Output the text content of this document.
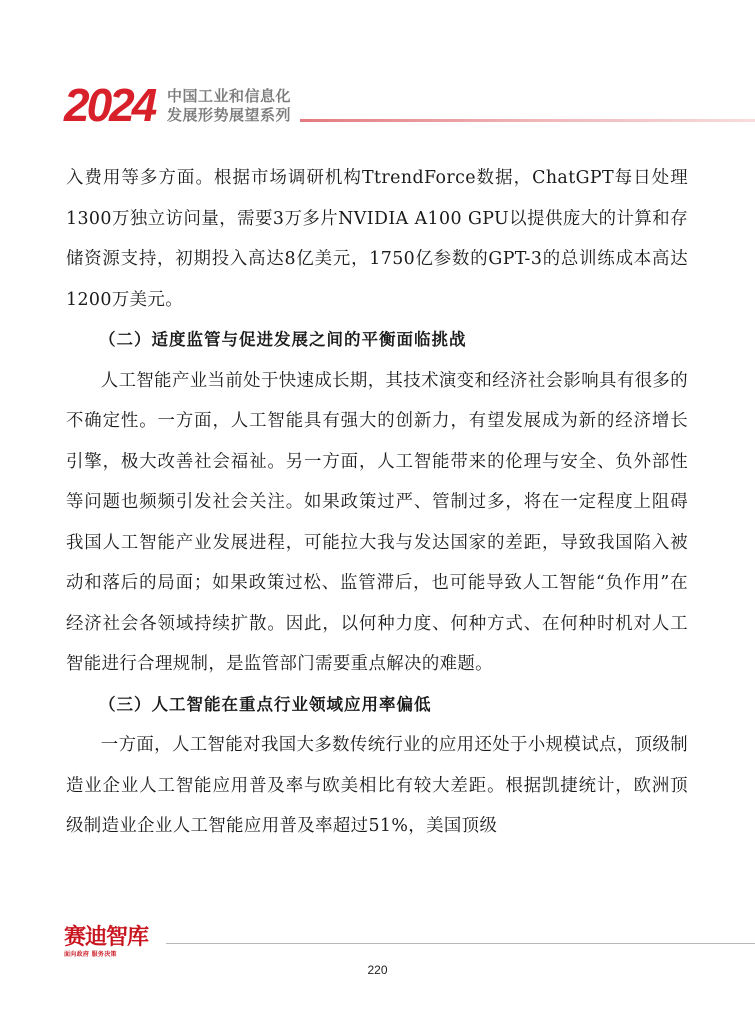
2024 中国工业和信息化
发展形势展望系列

入费用等多方面。根据市场调研机构TtrendForce数据，ChatGPT每日处理1300万独立访问量，需要3万多片NVIDIA A100 GPU以提供庞大的计算和存储资源支持，初期投入高达8亿美元，1750亿参数的GPT-3的总训练成本高达1200万美元。

（二）适度监管与促进发展之间的平衡面临挑战

人工智能产业当前处于快速成长期，其技术演变和经济社会影响具有很多的不确定性。一方面，人工智能具有强大的创新力，有望发展成为新的经济增长引擎，极大改善社会福祉。另一方面，人工智能带来的伦理与安全、负外部性等问题也频频引发社会关注。如果政策过严、管制过多，将在一定程度上阻碍我国人工智能产业发展进程，可能拉大我与发达国家的差距，导致我国陷入被动和落后的局面；如果政策过松、监管滞后，也可能导致人工智能“负作用”在经济社会各领域持续扩散。因此，以何种力度、何种方式、在何种时机对人工智能进行合理规制，是监管部门需要重点解决的难题。

（三）人工智能在重点行业领域应用率偏低

一方面，人工智能对我国大多数传统行业的应用还处于小规模试点，顶级制造业企业人工智能应用普及率与欧美相比有较大差距。根据凯捷统计，欧洲顶级制造业企业人工智能应用普及率超过51%，美国顶级

赛迪智库
面向政府 服务决策
220
